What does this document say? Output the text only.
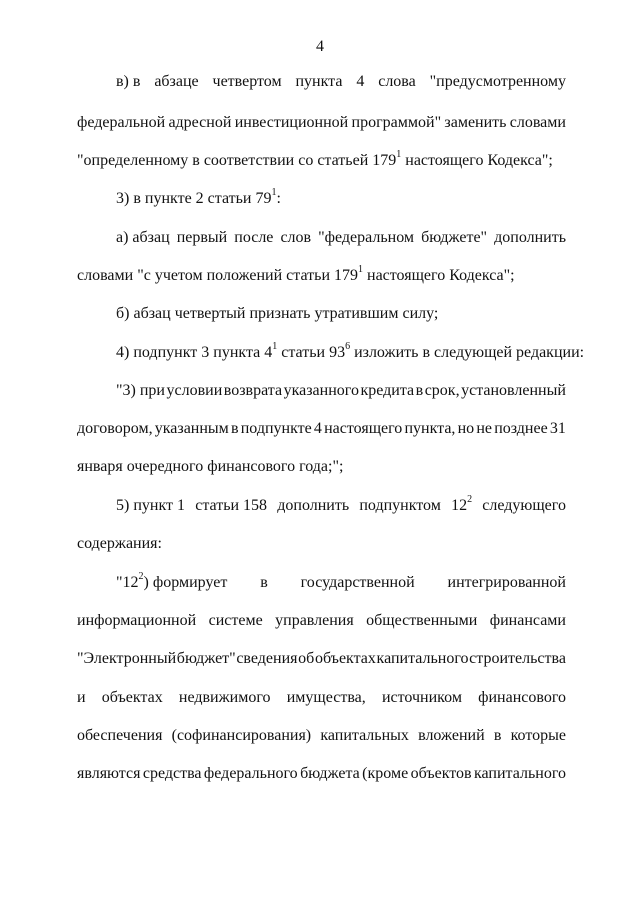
4
в) в абзаце четвертом пункта 4 слова "предусмотренному
федеральной адресной инвестиционной программой" заменить словами
"определенному в соответствии со статьей $179^1$ настоящего Кодекса";
3) в пункте 2 статьи $79^1$:
а) абзац первый после слов "федеральном бюджете" дополнить
словами "с учетом положений статьи $179^1$ настоящего Кодекса";
б) абзац четвертый признать утратившим силу;
4) подпункт 3 пункта $4^1$ статьи $93^6$ изложить в следующей редакции:
"3) при условии возврата указанного кредита в срок, установленный
договором, указанным в подпункте 4 настоящего пункта, но не позднее 31
января очередного финансового года;";
5) пункт 1 статьи 158 дополнить подпунктом $12^2$ следующего
содержания:
"$12^2$) формирует в государственной интегрированной
информационной системе управления общественными финансами
"Электронный бюджет" сведения об объектах капитального строительства
и объектах недвижимого имущества, источником финансового
обеспечения (софинансирования) капитальных вложений в которые
являются средства федерального бюджета (кроме объектов капитального
